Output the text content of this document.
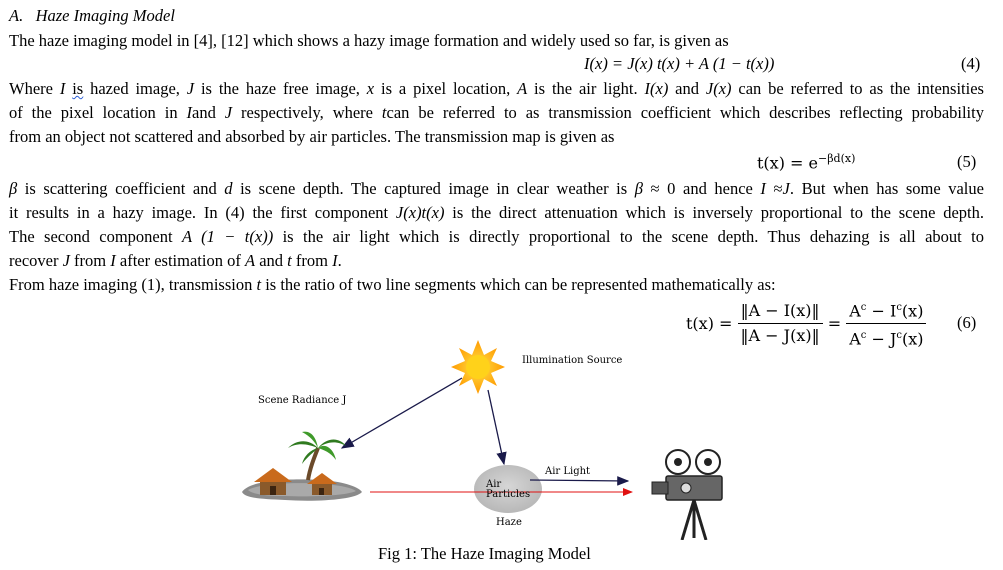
A. Haze Imaging Model
The haze imaging model in [4], [12] which shows a hazy image formation and widely used so far, is given as
I(x) = J(x) t(x) + A (1 − t(x))	(4)
Where I is hazed image, J is the haze free image, x is a pixel location, A is the air light. I(x) and J(x) can be referred to as the intensities
of the pixel location in Iand J respectively, where tcan be referred to as transmission coefficient which describes reflecting probability
from an object not scattered and absorbed by air particles. The transmission map is given as
$t(x) = e^{-\beta d(x)}$	(5)
β is scattering coefficient and d is scene depth. The captured image in clear weather is β ≈ 0 and hence I ≈J. But when has some value
it results in a hazy image. In (4) the first component J(x)t(x) is the direct attenuation which is inversely proportional to the scene depth.
The second component A (1 − t(x)) is the air light which is directly proportional to the scene depth. Thus dehazing is all about to
recover J from I after estimation of A and t from I.
From haze imaging (1), transmission t is the ratio of two line segments which can be represented mathematically as:
$t(x) = \frac{‖A - I(x)‖}{‖A - J(x)‖} = \frac{A^c - I^c(x)}{A^c - J^c(x)} (6)$
Illumination Source
Scene Radiance J
Air Light
Air
Particles
Haze
Fig 1: The Haze Imaging Model
